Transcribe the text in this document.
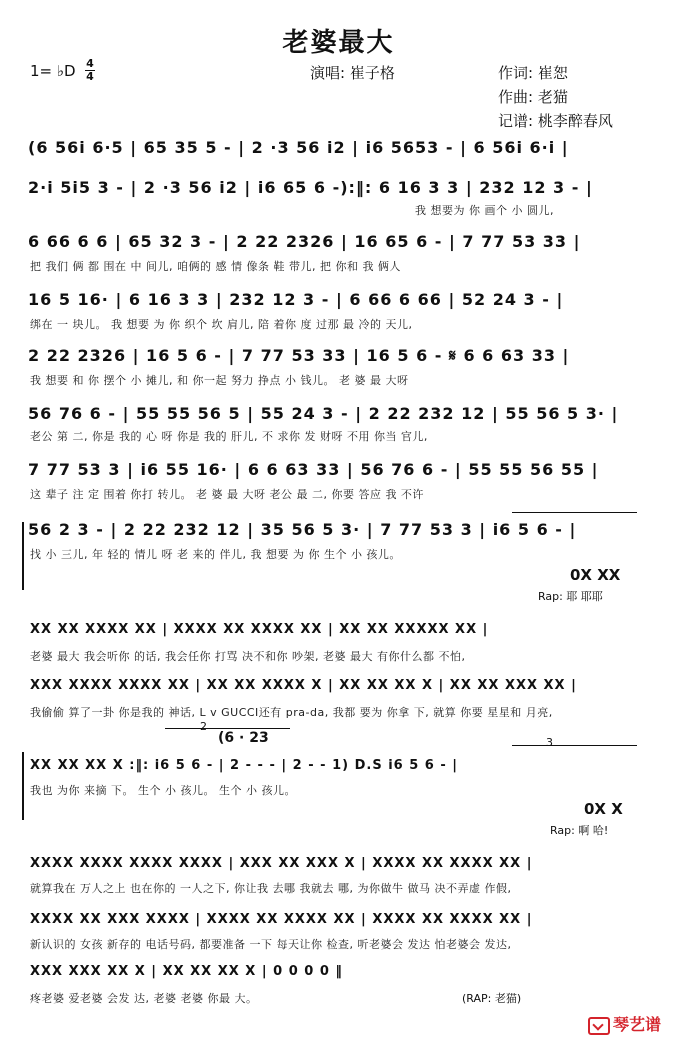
老婆最大
1= ♭D 4
4	演唱: 崔子格	作词: 崔恕
作曲: 老猫
记谱: 桃李醉春风
(6 56i 6·5 | 65 35 5 - | 2 ·3 56 i2 | i6 5653 - | 6 56i 6·i |
2·i 5i5 3 - | 2 ·3 56 i2 | i6 65 6 -):‖: 6 16 3 3 | 232 12 3 - |
我 想要为 你 画个 小 圆儿,
6 66 6 6 | 65 32 3 - | 2 22 2326 | 16 65 6 - | 7 77 53 33 |
把 我们 俩 都 围在 中 间儿, 咱俩的 感 情 像条 鞋 带儿, 把 你和 我 俩人
16 5 16· | 6 16 3 3 | 232 12 3 - | 6 66 6 66 | 52 24 3 - |
绑在 一 块儿。 我 想要 为 你 织个 坎 肩儿, 陪 着你 度 过那 最 冷的 天儿,
2 22 2326 | 16 5 6 - | 7 77 53 33 | 16 5 6 - 𝄋 6 6 63 33 |
我 想要 和 你 摆个 小 摊儿, 和 你一起 努力 挣点 小 钱儿。 老 婆 最 大呀
56 76 6 - | 55 55 56 5 | 55 24 3 - | 2 22 232 12 | 55 56 5 3· |
老公 第 二, 你是 我的 心 呀 你是 我的 肝儿, 不 求你 发 财呀 不用 你当 官儿,
7 77 53 3 | i6 55 16· | 6 6 63 33 | 56 76 6 - | 55 55 56 55 |
这 辈子 注 定 围着 你打 转儿。 老 婆 最 大呀 老公 最 二, 你要 答应 我 不许
56 2 3 - | 2 22 232 12 | 35 56 5 3· | 7 77 53 3 | i6 5 6 - |
找 小 三儿, 年 轻的 情儿 呀 老 来的 伴儿, 我 想要 为 你 生个 小 孩儿。
0X XX
Rap: 耶 耶耶
XX XX XXXX XX | XXXX XX XXXX XX | XX XX XXXXX XX |
老婆 最大 我会听你 的话, 我会任你 打骂 决不和你 吵架, 老婆 最大 有你什么都 不怕,
XXX XXXX XXXX XX | XX XX XXXX X | XX XX XX X | XX XX XXX XX |
我偷偷 算了一卦 你是我的 神话, L v GUCCI还有 pra-da, 我都 要为 你拿 下, 就算 你要 星星和 月亮,
2
(6 · 23	3
XX XX XX X :‖: i6 5 6 - | 2 - - - | 2 - - 1) D.S i6 5 6 - |
我也 为你 来摘 下。 生个 小 孩儿。 生个 小 孩儿。
0X X
Rap: 啊 哈!
XXXX XXXX XXXX XXXX | XXX XX XXX X | XXXX XX XXXX XX |
就算我在 万人之上 也在你的 一人之下, 你让我 去哪 我就去 哪, 为你做牛 做马 决不弄虚 作假,
XXXX XX XXX XXXX | XXXX XX XXXX XX | XXXX XX XXXX XX |
新认识的 女孩 新存的 电话号码, 都要准备 一下 每天让你 检查, 听老婆会 发达 怕老婆会 发达,
XXX XXX XX X | XX XX XX X | 0 0 0 0 ‖
疼老婆 爱老婆 会发 达, 老婆 老婆 你最 大。	(RAP: 老猫)
琴艺谱
